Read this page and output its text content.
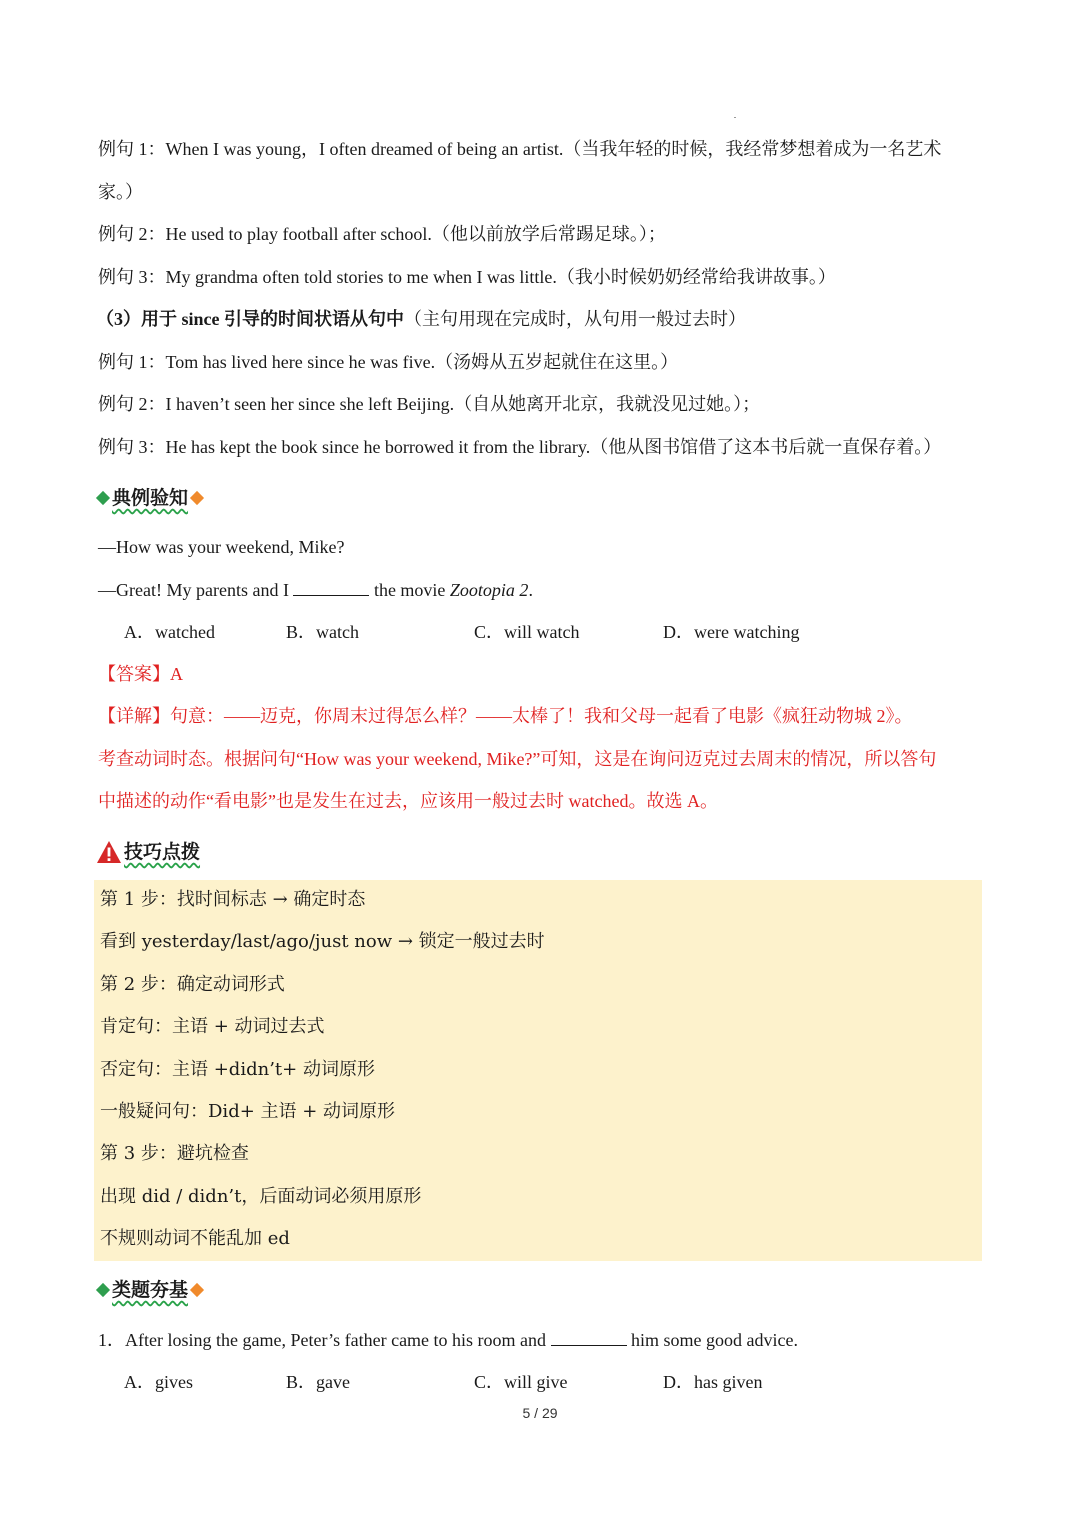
例句 1：When I was young，I often dreamed of being an artist.（当我年轻的时候，我经常梦想着成为一名艺术
家。）
例句 2：He used to play football after school.（他以前放学后常踢足球。）；
例句 3：My grandma often told stories to me when I was little.（我小时候奶奶经常给我讲故事。）
（3）用于 since 引导的时间状语从句中（主句用现在完成时，从句用一般过去时）
例句 1：Tom has lived here since he was five.（汤姆从五岁起就住在这里。）
例句 2：I haven’t seen her since she left Beijing.（自从她离开北京，我就没见过她。）；
例句 3：He has kept the book since he borrowed it from the library.（他从图书馆借了这本书后就一直保存着。）
典例验知
—How was your weekend, Mike?
—Great! My parents and I	the movie Zootopia 2.
A．watched	B．watch	C．will watch	D．were watching
【答案】A
【详解】句意：——迈克，你周末过得怎么样？——太棒了！我和父母一起看了电影《疯狂动物城 2》。
考查动词时态。根据问句“How was your weekend, Mike?”可知，这是在询问迈克过去周末的情况，所以答句
中描述的动作“看电影”也是发生在过去，应该用一般过去时 watched。故选 A。
技巧点拨
第 1 步：找时间标志 → 确定时态
看到 yesterday/last/ago/just now → 锁定一般过去时
第 2 步：确定动词形式
肯定句：主语 + 动词过去式
否定句：主语 +didn’t+ 动词原形
一般疑问句：Did+ 主语 + 动词原形
第 3 步：避坑检查
出现 did / didn’t，后面动词必须用原形
不规则动词不能乱加 ed
类题夯基
1．After losing the game, Peter’s father came to his room and	him some good advice.
A．gives	B．gave	C．will give	D．has given
5 / 29
